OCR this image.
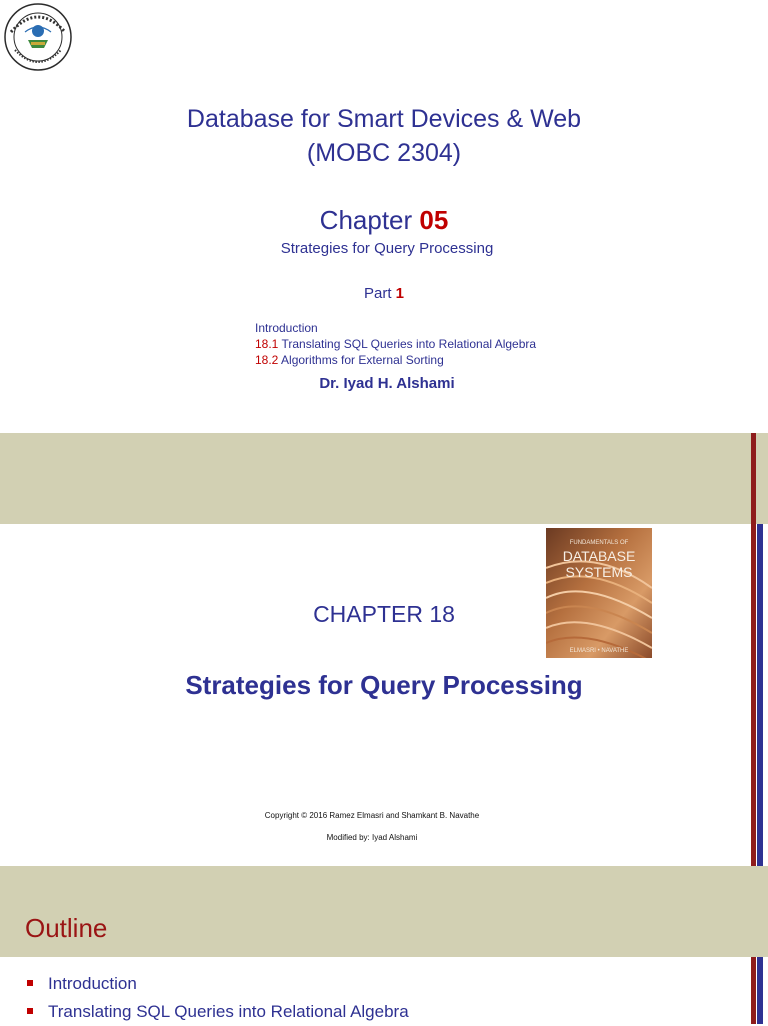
Database for Smart Devices & Web
(MOBC 2304)
Chapter 05
Strategies for Query Processing
Part 1
Introduction
18.1 Translating SQL Queries into Relational Algebra
18.2 Algorithms for External Sorting
Dr. Iyad H. Alshami
FUNDAMENTALS OF
DATABASE
SYSTEMS
ELMASRI • NAVATHE
CHAPTER 18
Strategies for Query Processing
Copyright © 2016 Ramez Elmasri and Shamkant B. Navathe
Modified by: Iyad Alshami
Outline
Introduction
Translating SQL Queries into Relational Algebra
